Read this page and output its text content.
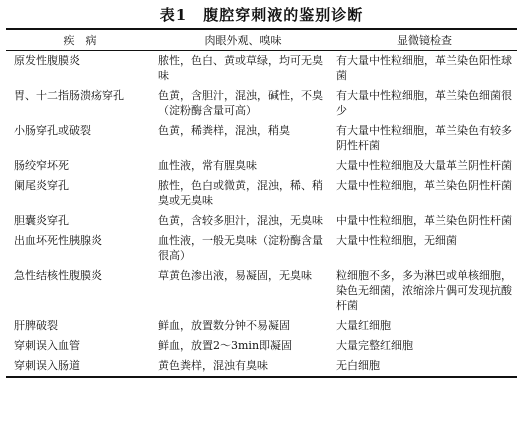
表1　腹腔穿刺液的鉴别诊断
疾　病	肉眼外观、嗅味	显微镜检查
原发性腹膜炎	脓性，色白、黄或草绿，均可无臭味	有大量中性粒细胞，革兰染色阳性球菌
胃、十二指肠溃疡穿孔	色黄，含胆汁，混浊，碱性，不臭（淀粉酶含量可高）	有大量中性粒细胞，革兰染色细菌很少
小肠穿孔或破裂	色黄，稀粪样，混浊，稍臭	有大量中性粒细胞，革兰染色有较多阴性杆菌
肠绞窄坏死	血性液，常有腥臭味	大量中性粒细胞及大量革兰阴性杆菌
阑尾炎穿孔	脓性，色白或微黄，混浊，稀、稍臭或无臭味	大量中性粒细胞，革兰染色阴性杆菌
胆囊炎穿孔	色黄，含较多胆汁，混浊，无臭味	中量中性粒细胞，革兰染色阴性杆菌
出血坏死性胰腺炎	血性液，一般无臭味（淀粉酶含量很高）	大量中性粒细胞，无细菌
急性结核性腹膜炎	草黄色渗出液，易凝固，无臭味	粒细胞不多，多为淋巴或单核细胞，染色无细菌，浓缩涂片偶可发现抗酸杆菌
肝脾破裂	鲜血，放置数分钟不易凝固	大量红细胞
穿刺误入血管	鲜血，放置2～3min即凝固	大量完整红细胞
穿刺误入肠道	黄色粪样，混浊有臭味	无白细胞
